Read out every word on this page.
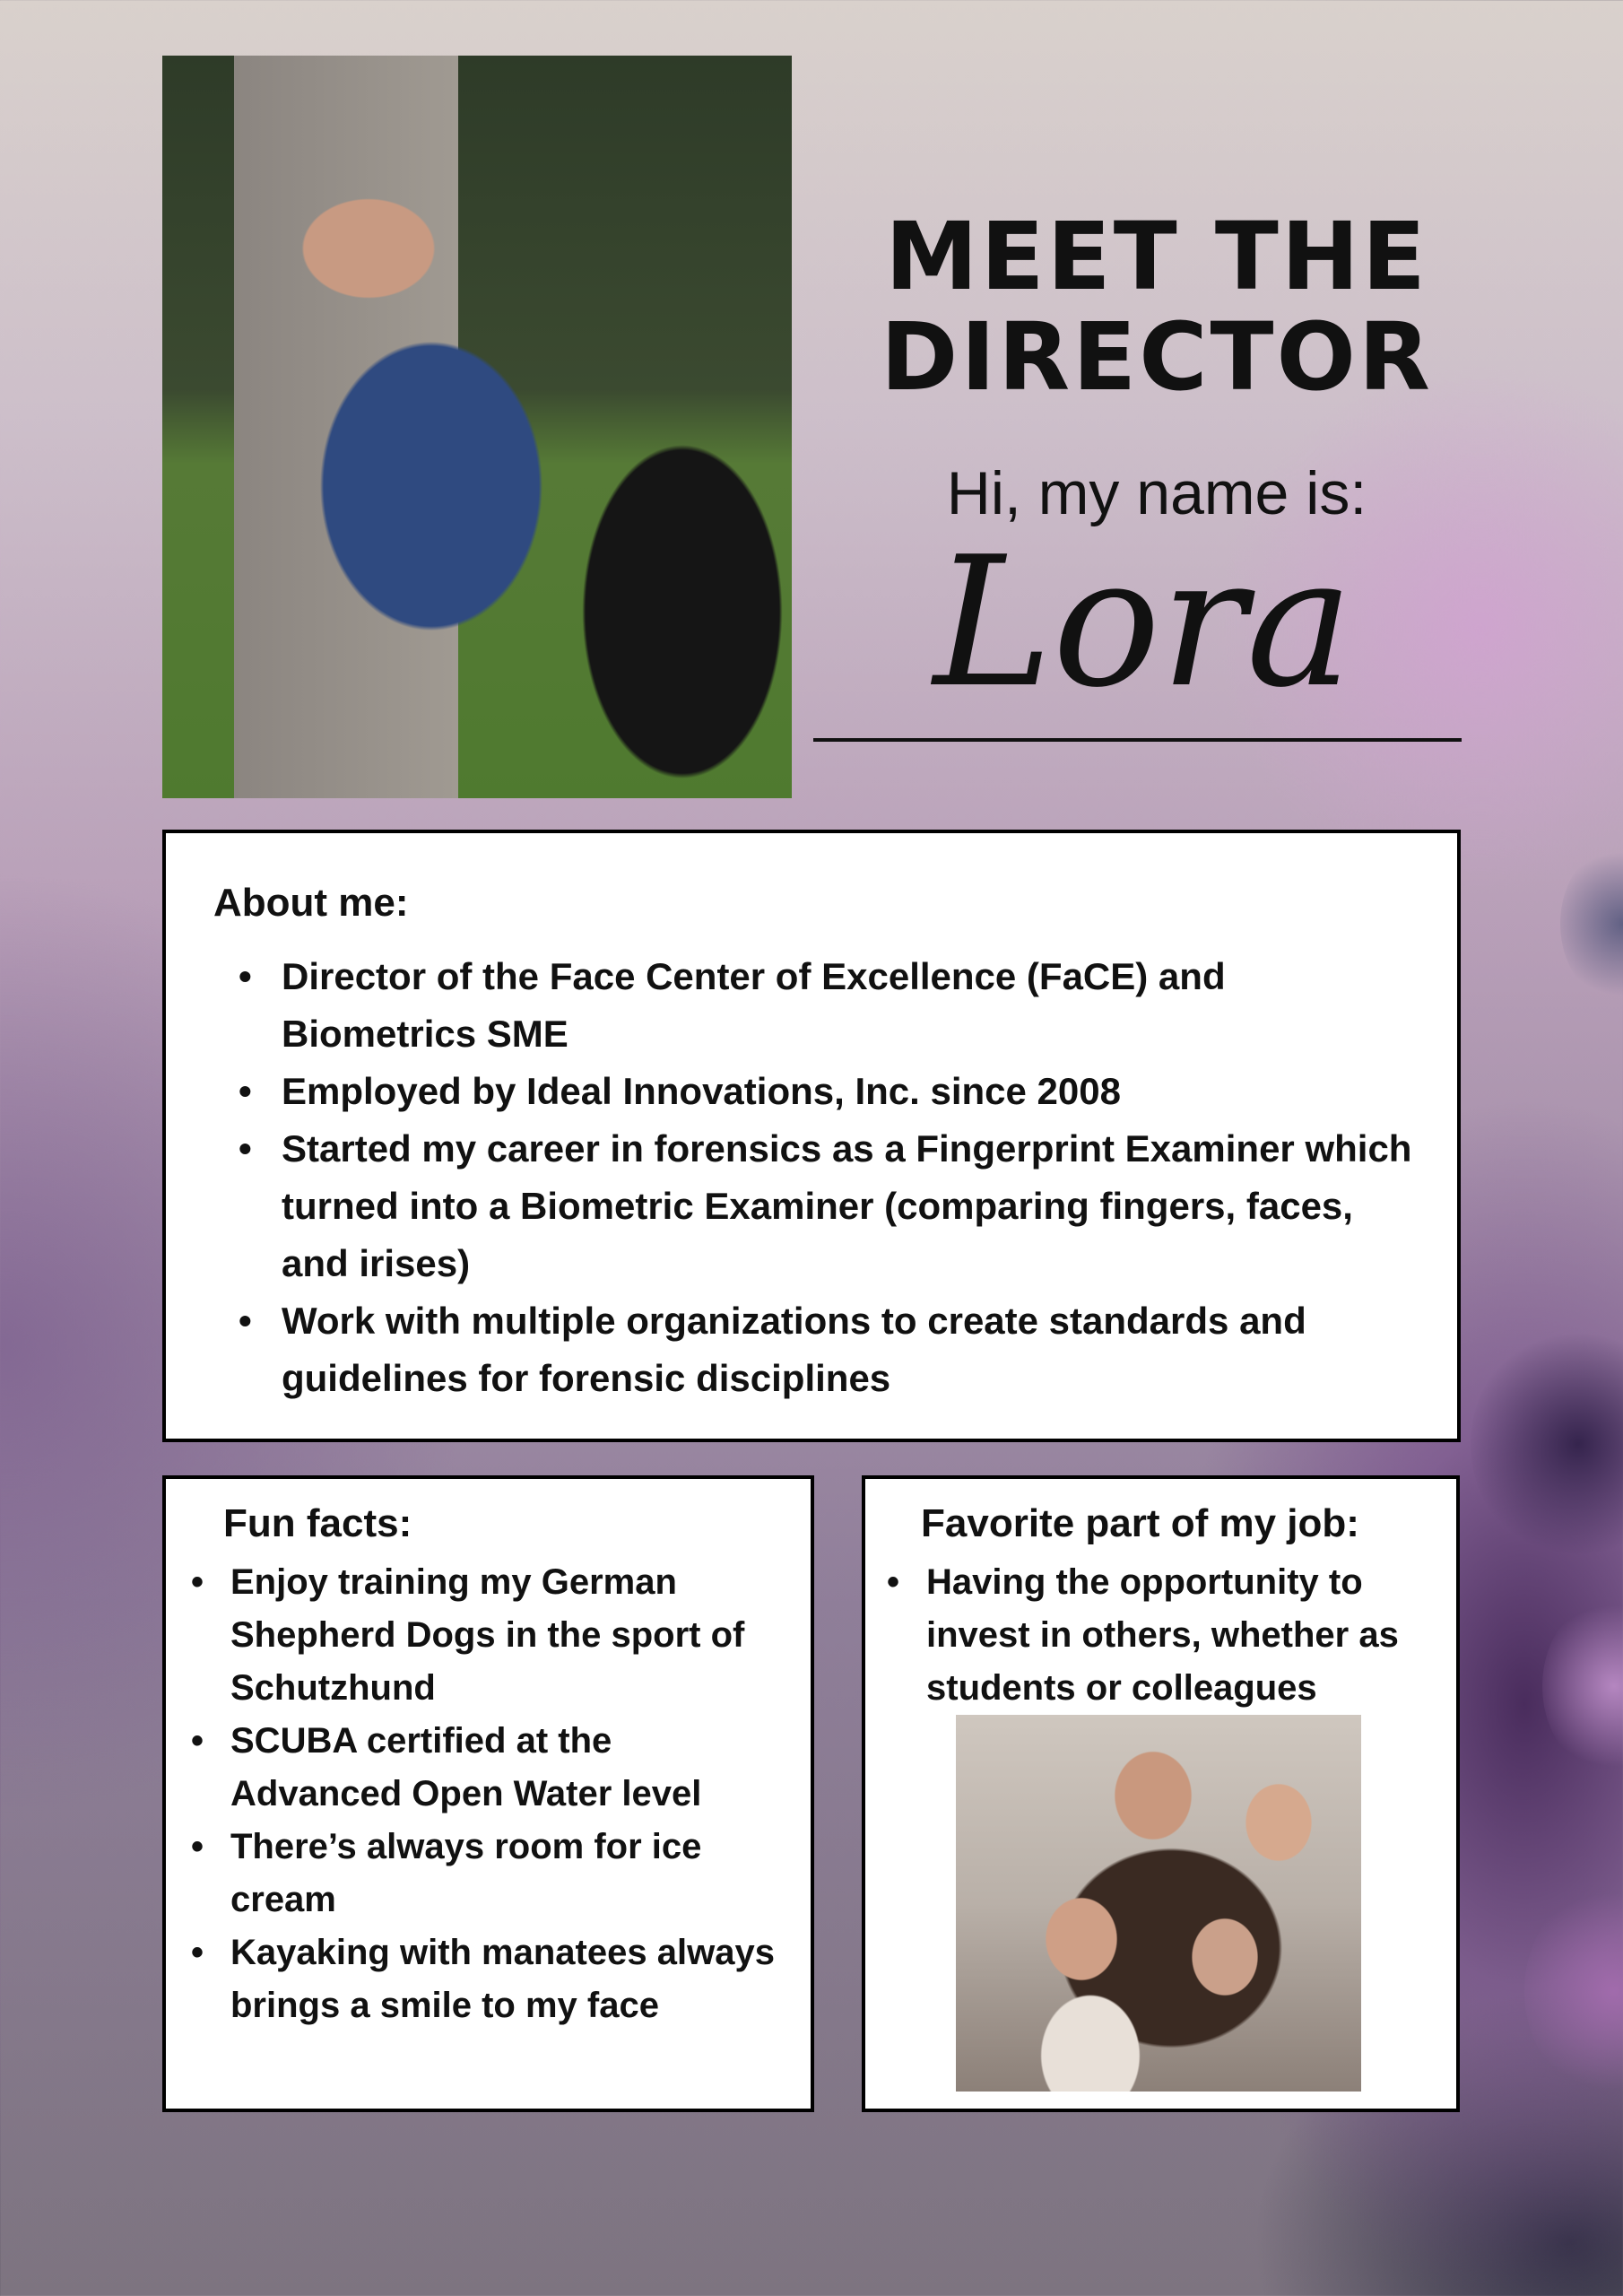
MEET THE
DIRECTOR
Hi, my name is:
Lora
About me:
• Director of the Face Center of Excellence (FaCE) and Biometrics SME
• Employed by Ideal Innovations, Inc. since 2008
• Started my career in forensics as a Fingerprint Examiner which turned into a Biometric Examiner (comparing fingers, faces, and irises)
• Work with multiple organizations to create standards and guidelines for forensic disciplines
Fun facts:
• Enjoy training my German Shepherd Dogs in the sport of Schutzhund
• SCUBA certified at the Advanced Open Water level
• There’s always room for ice cream
• Kayaking with manatees always brings a smile to my face
Favorite part of my job:
• Having the opportunity to invest in others, whether as students or colleagues
